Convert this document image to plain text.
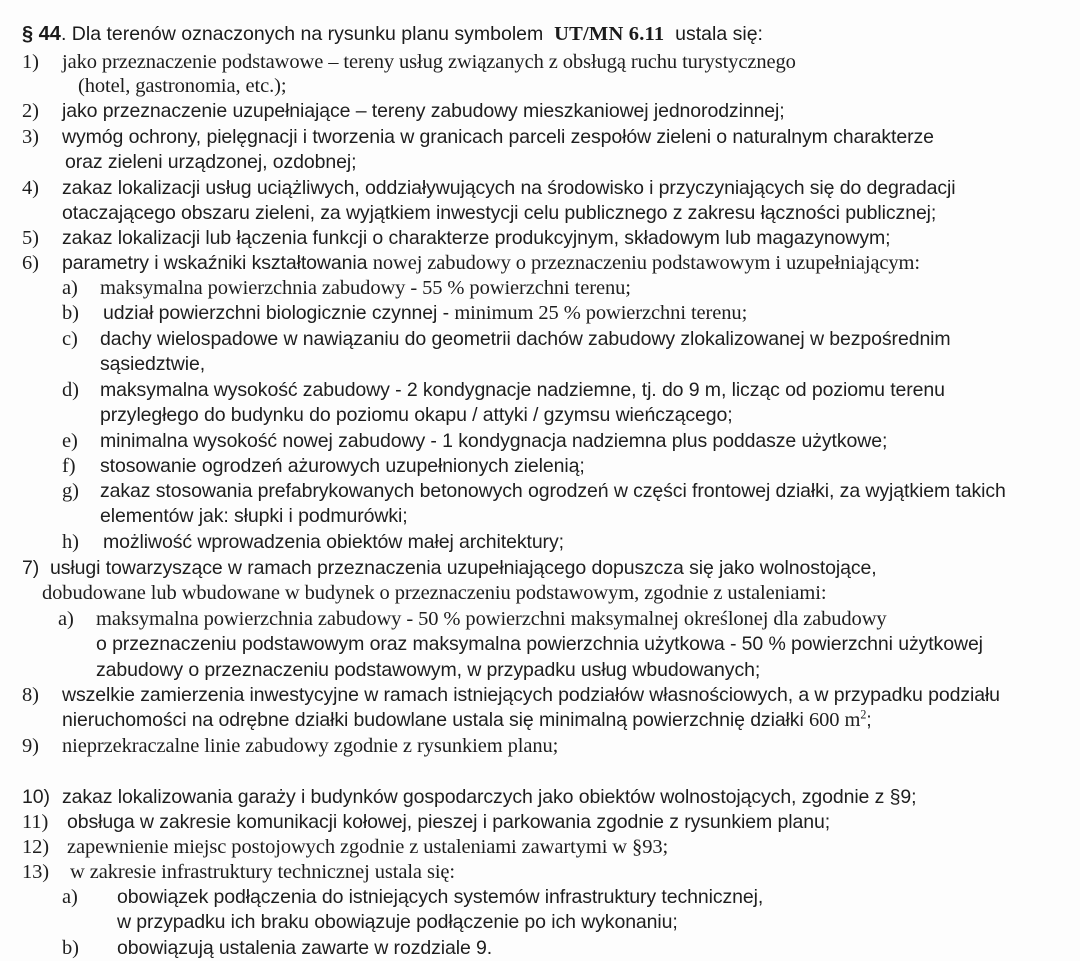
§ 44. Dla terenów oznaczonych na rysunku planu symbolem UT/MN 6.11 ustala się:
1) jako przeznaczenie podstawowe – tereny usług związanych z obsługą ruchu turystycznego
(hotel, gastronomia, etc.);
2) jako przeznaczenie uzupełniające – tereny zabudowy mieszkaniowej jednorodzinnej;
3) wymóg ochrony, pielęgnacji i tworzenia w granicach parceli zespołów zieleni o naturalnym charakterze
oraz zieleni urządzonej, ozdobnej;
4) zakaz lokalizacji usług uciążliwych, oddziaływujących na środowisko i przyczyniających się do degradacji
otaczającego obszaru zieleni, za wyjątkiem inwestycji celu publicznego z zakresu łączności publicznej;
5) zakaz lokalizacji lub łączenia funkcji o charakterze produkcyjnym, składowym lub magazynowym;
6) parametry i wskaźniki kształtowania nowej zabudowy o przeznaczeniu podstawowym i uzupełniającym:
a) maksymalna powierzchnia zabudowy - 55 % powierzchni terenu;
b) udział powierzchni biologicznie czynnej - minimum 25 % powierzchni terenu;
c) dachy wielospadowe w nawiązaniu do geometrii dachów zabudowy zlokalizowanej w bezpośrednim
sąsiedztwie,
d) maksymalna wysokość zabudowy - 2 kondygnacje nadziemne, tj. do 9 m, licząc od poziomu terenu
przyległego do budynku do poziomu okapu / attyki / gzymsu wieńczącego;
e) minimalna wysokość nowej zabudowy - 1 kondygnacja nadziemna plus poddasze użytkowe;
f) stosowanie ogrodzeń ażurowych uzupełnionych zielenią;
g) zakaz stosowania prefabrykowanych betonowych ogrodzeń w części frontowej działki, za wyjątkiem takich
elementów jak: słupki i podmurówki;
h) możliwość wprowadzenia obiektów małej architektury;
7) usługi towarzyszące w ramach przeznaczenia uzupełniającego dopuszcza się jako wolnostojące,
dobudowane lub wbudowane w budynek o przeznaczeniu podstawowym, zgodnie z ustaleniami:
a) maksymalna powierzchnia zabudowy - 50 % powierzchni maksymalnej określonej dla zabudowy
o przeznaczeniu podstawowym oraz maksymalna powierzchnia użytkowa - 50 % powierzchni użytkowej
zabudowy o przeznaczeniu podstawowym, w przypadku usług wbudowanych;
8) wszelkie zamierzenia inwestycyjne w ramach istniejących podziałów własnościowych, a w przypadku podziału
nieruchomości na odrębne działki budowlane ustala się minimalną powierzchnię działki 600 $m^2$;
9) nieprzekraczalne linie zabudowy zgodnie z rysunkiem planu;
10) zakaz lokalizowania garaży i budynków gospodarczych jako obiektów wolnostojących, zgodnie z §9;
11) obsługa w zakresie komunikacji kołowej, pieszej i parkowania zgodnie z rysunkiem planu;
12) zapewnienie miejsc postojowych zgodnie z ustaleniami zawartymi w §93;
13) w zakresie infrastruktury technicznej ustala się:
a) obowiązek podłączenia do istniejących systemów infrastruktury technicznej,
w przypadku ich braku obowiązuje podłączenie po ich wykonaniu;
b) obowiązują ustalenia zawarte w rozdziale 9.
